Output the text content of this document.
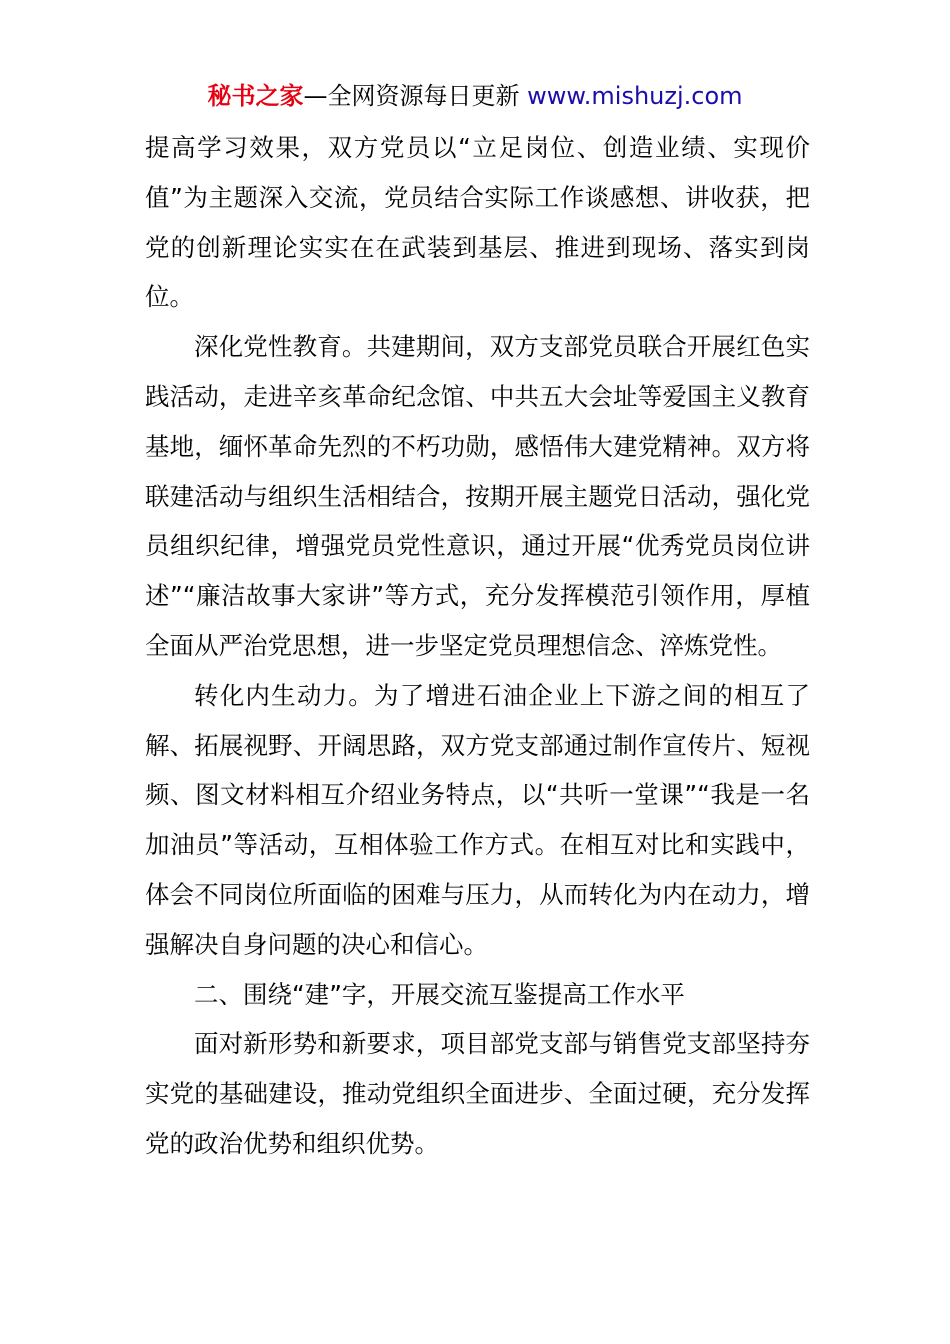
秘书之家—全网资源每日更新 www.mishuzj.com

提高学习效果，双方党员以“立足岗位、创造业绩、实现价值”为主题深入交流，党员结合实际工作谈感想、讲收获，把党的创新理论实实在在武装到基层、推进到现场、落实到岗位。

深化党性教育。共建期间，双方支部党员联合开展红色实践活动，走进辛亥革命纪念馆、中共五大会址等爱国主义教育基地，缅怀革命先烈的不朽功勋，感悟伟大建党精神。双方将联建活动与组织生活相结合，按期开展主题党日活动，强化党员组织纪律，增强党员党性意识，通过开展“优秀党员岗位讲述”“廉洁故事大家讲”等方式，充分发挥模范引领作用，厚植全面从严治党思想，进一步坚定党员理想信念、淬炼党性。

转化内生动力。为了增进石油企业上下游之间的相互了解、拓展视野、开阔思路，双方党支部通过制作宣传片、短视频、图文材料相互介绍业务特点，以“共听一堂课”“我是一名加油员”等活动，互相体验工作方式。在相互对比和实践中，体会不同岗位所面临的困难与压力，从而转化为内在动力，增强解决自身问题的决心和信心。

二、围绕“建”字，开展交流互鉴提高工作水平

面对新形势和新要求，项目部党支部与销售党支部坚持夯实党的基础建设，推动党组织全面进步、全面过硬，充分发挥党的政治优势和组织优势。
